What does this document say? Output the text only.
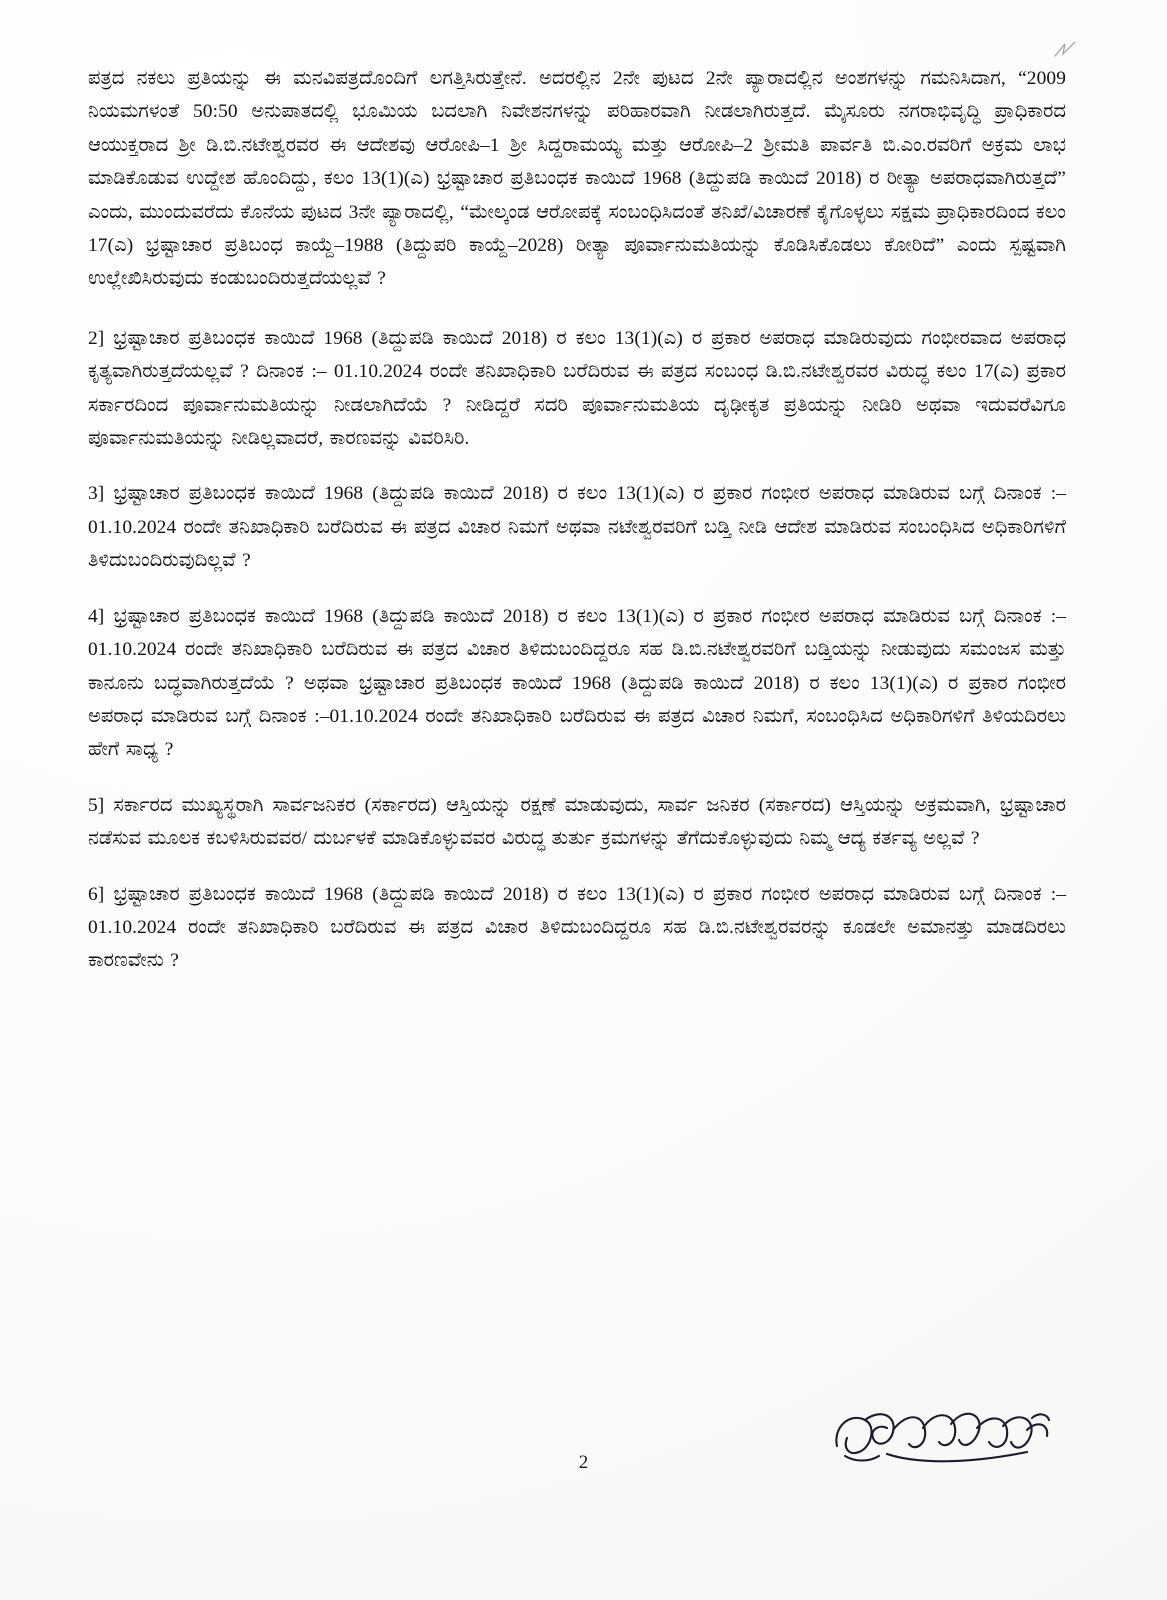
ಪತ್ರದ ನಕಲು ಪ್ರತಿಯನ್ನು ಈ ಮನವಿಪತ್ರದೊಂದಿಗೆ ಲಗತ್ತಿಸಿರುತ್ತೇನೆ. ಅದರಲ್ಲಿನ 2ನೇ ಪುಟದ 2ನೇ ಪ್ಯಾರಾದಲ್ಲಿನ ಅಂಶಗಳನ್ನು ಗಮನಿಸಿದಾಗ, “2009 ನಿಯಮಗಳಂತೆ 50:50 ಅನುಪಾತದಲ್ಲಿ ಭೂಮಿಯ ಬದಲಾಗಿ ನಿವೇಶನಗಳನ್ನು ಪರಿಹಾರವಾಗಿ ನೀಡಲಾಗಿರುತ್ತದೆ. ಮೈಸೂರು ನಗರಾಭಿವೃದ್ಧಿ ಪ್ರಾಧಿಕಾರದ ಆಯುಕ್ತರಾದ ಶ್ರೀ ಡಿ.ಬಿ.ನಟೇಶ್ವರವರ ಈ ಆದೇಶವು ಆರೋಪಿ–1 ಶ್ರೀ ಸಿದ್ದರಾಮಯ್ಯ ಮತ್ತು ಆರೋಪಿ–2 ಶ್ರೀಮತಿ ಪಾರ್ವತಿ ಬಿ.ಎಂ.ರವರಿಗೆ ಅಕ್ರಮ ಲಾಭ ಮಾಡಿಕೊಡುವ ಉದ್ದೇಶ ಹೊಂದಿದ್ದು, ಕಲಂ 13(1)(ಎ) ಭ್ರಷ್ಟಾಚಾರ ಪ್ರತಿಬಂಧಕ ಕಾಯಿದೆ 1968 (ತಿದ್ದುಪಡಿ ಕಾಯಿದೆ 2018) ರ ರೀತ್ಯಾ ಅಪರಾಧವಾಗಿರುತ್ತದೆ” ಎಂದು, ಮುಂದುವರೆದು ಕೊನೆಯ ಪುಟದ 3ನೇ ಪ್ಯಾರಾದಲ್ಲಿ, “ಮೇಲ್ಕಂಡ ಆರೋಪಕ್ಕೆ ಸಂಬಂಧಿಸಿದಂತೆ ತನಿಖೆ/ವಿಚಾರಣೆ ಕೈಗೊಳ್ಳಲು ಸಕ್ಷಮ ಪ್ರಾಧಿಕಾರದಿಂದ ಕಲಂ 17(ಎ) ಭ್ರಷ್ಟಾಚಾರ ಪ್ರತಿಬಂಧ ಕಾಯ್ದೆ–1988 (ತಿದ್ದುಪರಿ ಕಾಯ್ದೆ–2028) ರೀತ್ಯಾ ಪೂರ್ವಾನುಮತಿಯನ್ನು ಕೊಡಿಸಿಕೊಡಲು ಕೋರಿದೆ” ಎಂದು ಸ್ಪಷ್ಟವಾಗಿ ಉಲ್ಲೇಖಿಸಿರುವುದು ಕಂಡುಬಂದಿರುತ್ತದೆಯಲ್ಲವೆ ?

2] ಭ್ರಷ್ಟಾಚಾರ ಪ್ರತಿಬಂಧಕ ಕಾಯಿದೆ 1968 (ತಿದ್ದುಪಡಿ ಕಾಯಿದೆ 2018) ರ ಕಲಂ 13(1)(ಎ) ರ ಪ್ರಕಾರ ಅಪರಾಧ ಮಾಡಿರುವುದು ಗಂಭೀರವಾದ ಅಪರಾಧ ಕೃತ್ಯವಾಗಿರುತ್ತದೆಯಲ್ಲವೆ ? ದಿನಾಂಕ :– 01.10.2024 ರಂದೇ ತನಿಖಾಧಿಕಾರಿ ಬರೆದಿರುವ ಈ ಪತ್ರದ ಸಂಬಂಧ ಡಿ.ಬಿ.ನಟೇಶ್ವರವರ ವಿರುದ್ಧ ಕಲಂ 17(ಎ) ಪ್ರಕಾರ ಸರ್ಕಾರದಿಂದ ಪೂರ್ವಾನುಮತಿಯನ್ನು ನೀಡಲಾಗಿದೆಯೆ ? ನೀಡಿದ್ದರೆ ಸದರಿ ಪೂರ್ವಾನುಮತಿಯ ದೃಢೀಕೃತ ಪ್ರತಿಯನ್ನು ನೀಡಿರಿ ಅಥವಾ ಇದುವರೆವಿಗೂ ಪೂರ್ವಾನುಮತಿಯನ್ನು ನೀಡಿಲ್ಲವಾದರೆ, ಕಾರಣವನ್ನು ವಿವರಿಸಿರಿ.

3] ಭ್ರಷ್ಟಾಚಾರ ಪ್ರತಿಬಂಧಕ ಕಾಯಿದೆ 1968 (ತಿದ್ದುಪಡಿ ಕಾಯಿದೆ 2018) ರ ಕಲಂ 13(1)(ಎ) ರ ಪ್ರಕಾರ ಗಂಭೀರ ಅಪರಾಧ ಮಾಡಿರುವ ಬಗ್ಗೆ ದಿನಾಂಕ :–01.10.2024 ರಂದೇ ತನಿಖಾಧಿಕಾರಿ ಬರೆದಿರುವ ಈ ಪತ್ರದ ವಿಚಾರ ನಿಮಗೆ ಅಥವಾ ನಟೇಶ್ವರವರಿಗೆ ಬಡ್ತಿ ನೀಡಿ ಆದೇಶ ಮಾಡಿರುವ ಸಂಬಂಧಿಸಿದ ಅಧಿಕಾರಿಗಳಿಗೆ ತಿಳಿದುಬಂದಿರುವುದಿಲ್ಲವೆ ?

4] ಭ್ರಷ್ಟಾಚಾರ ಪ್ರತಿಬಂಧಕ ಕಾಯಿದೆ 1968 (ತಿದ್ದುಪಡಿ ಕಾಯಿದೆ 2018) ರ ಕಲಂ 13(1)(ಎ) ರ ಪ್ರಕಾರ ಗಂಭೀರ ಅಪರಾಧ ಮಾಡಿರುವ ಬಗ್ಗೆ ದಿನಾಂಕ :–01.10.2024 ರಂದೇ ತನಿಖಾಧಿಕಾರಿ ಬರೆದಿರುವ ಈ ಪತ್ರದ ವಿಚಾರ ತಿಳಿದುಬಂದಿದ್ದರೂ ಸಹ ಡಿ.ಬಿ.ನಟೇಶ್ವರವರಿಗೆ ಬಡ್ತಿಯನ್ನು ನೀಡುವುದು ಸಮಂಜಸ ಮತ್ತು ಕಾನೂನು ಬದ್ಧವಾಗಿರುತ್ತದೆಯೆ ? ಅಥವಾ ಭ್ರಷ್ಟಾಚಾರ ಪ್ರತಿಬಂಧಕ ಕಾಯಿದೆ 1968 (ತಿದ್ದುಪಡಿ ಕಾಯಿದೆ 2018) ರ ಕಲಂ 13(1)(ಎ) ರ ಪ್ರಕಾರ ಗಂಭೀರ ಅಪರಾಧ ಮಾಡಿರುವ ಬಗ್ಗೆ ದಿನಾಂಕ :–01.10.2024 ರಂದೇ ತನಿಖಾಧಿಕಾರಿ ಬರೆದಿರುವ ಈ ಪತ್ರದ ವಿಚಾರ ನಿಮಗೆ, ಸಂಬಂಧಿಸಿದ ಅಧಿಕಾರಿಗಳಿಗೆ ತಿಳಿಯದಿರಲು ಹೇಗೆ ಸಾಧ್ಯ ?

5] ಸರ್ಕಾರದ ಮುಖ್ಯಸ್ಥರಾಗಿ ಸಾರ್ವಜನಿಕರ (ಸರ್ಕಾರದ) ಆಸ್ತಿಯನ್ನು ರಕ್ಷಣೆ ಮಾಡುವುದು, ಸಾರ್ವ ಜನಿಕರ (ಸರ್ಕಾರದ) ಆಸ್ತಿಯನ್ನು ಅಕ್ರಮವಾಗಿ, ಭ್ರಷ್ಟಾಚಾರ ನಡೆಸುವ ಮೂಲಕ ಕಬಳಿಸಿರುವವರ/ ದುರ್ಬಳಕೆ ಮಾಡಿಕೊಳ್ಳುವವರ ವಿರುದ್ಧ ತುರ್ತು ಕ್ರಮಗಳನ್ನು ತೆಗೆದುಕೊಳ್ಳುವುದು ನಿಮ್ಮ ಆದ್ಯ ಕರ್ತವ್ಯ ಅಲ್ಲವೆ ?

6] ಭ್ರಷ್ಟಾಚಾರ ಪ್ರತಿಬಂಧಕ ಕಾಯಿದೆ 1968 (ತಿದ್ದುಪಡಿ ಕಾಯಿದೆ 2018) ರ ಕಲಂ 13(1)(ಎ) ರ ಪ್ರಕಾರ ಗಂಭೀರ ಅಪರಾಧ ಮಾಡಿರುವ ಬಗ್ಗೆ ದಿನಾಂಕ :–01.10.2024 ರಂದೇ ತನಿಖಾಧಿಕಾರಿ ಬರೆದಿರುವ ಈ ಪತ್ರದ ವಿಚಾರ ತಿಳಿದುಬಂದಿದ್ದರೂ ಸಹ ಡಿ.ಬಿ.ನಟೇಶ್ವರವರನ್ನು ಕೂಡಲೇ ಅಮಾನತ್ತು ಮಾಡದಿರಲು ಕಾರಣವೇನು ?

2
